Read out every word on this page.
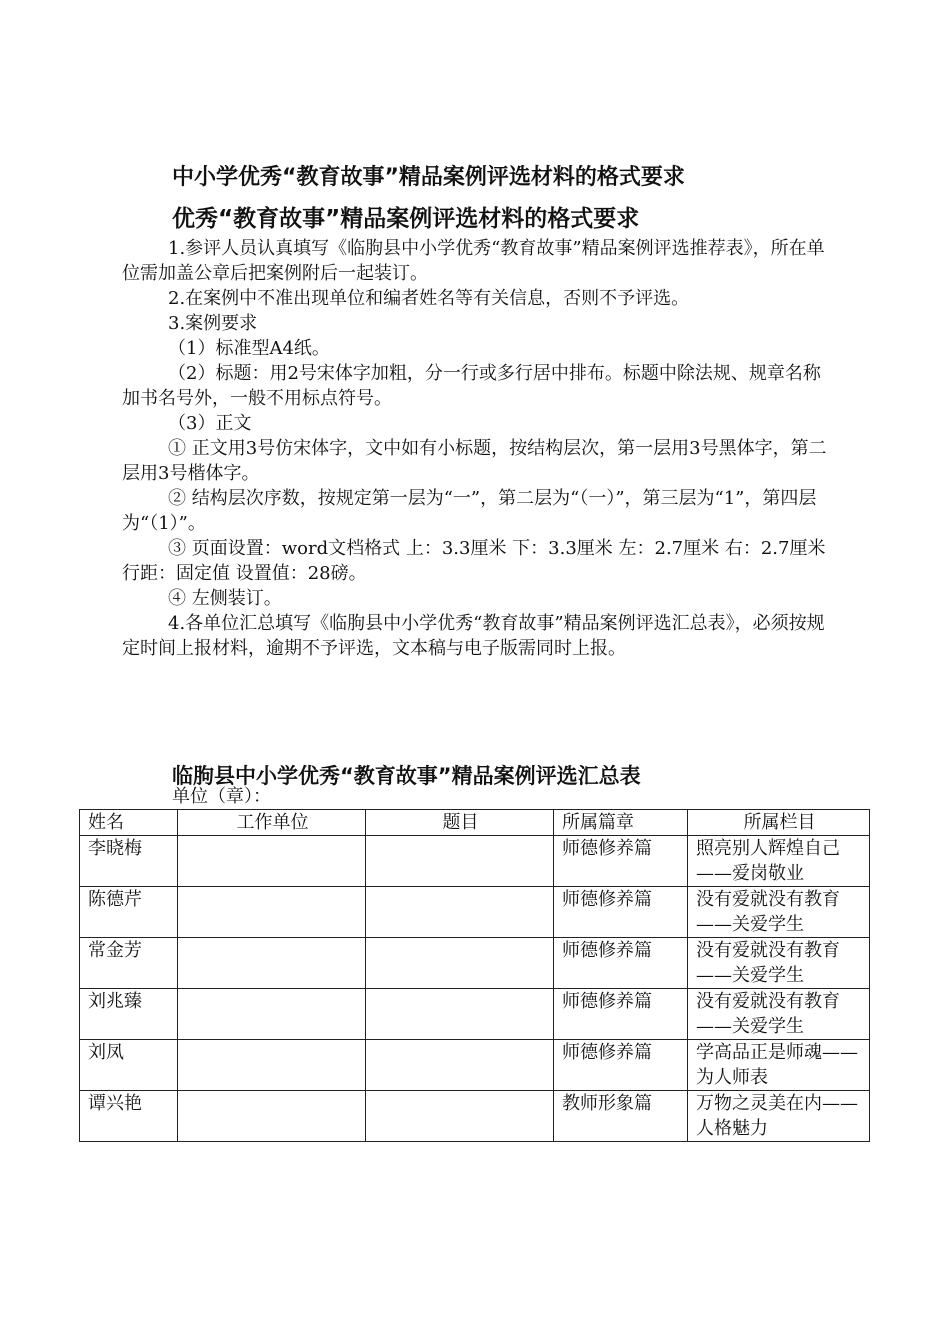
中小学优秀“教育故事”精品案例评选材料的格式要求
优秀“教育故事”精品案例评选材料的格式要求

1.参评人员认真填写《临朐县中小学优秀“教育故事”精品案例评选推荐表》，所在单位需加盖公章后把案例附后一起装订。

2.在案例中不准出现单位和编者姓名等有关信息，否则不予评选。

3.案例要求

（1）标准型A4纸。

（2）标题：用2号宋体字加粗，分一行或多行居中排布。标题中除法规、规章名称加书名号外，一般不用标点符号。

（3）正文

① 正文用3号仿宋体字，文中如有小标题，按结构层次，第一层用3号黑体字，第二层用3号楷体字。

② 结构层次序数，按规定第一层为“一”，第二层为“（一）”，第三层为“1”，第四层为“（1）”。

③ 页面设置：word文档格式 上：3.3厘米 下：3.3厘米 左：2.7厘米 右：2.7厘米行距：固定值 设置值：28磅。

④ 左侧装订。

4.各单位汇总填写《临朐县中小学优秀“教育故事”精品案例评选汇总表》，必须按规定时间上报材料，逾期不予评选，文本稿与电子版需同时上报。

临朐县中小学优秀“教育故事”精品案例评选汇总表
单位（章）：
姓名	工作单位	题目	所属篇章	所属栏目
李晓梅			师德修养篇	照亮别人辉煌自己——爱岗敬业
陈德芹			师德修养篇	没有爱就没有教育——关爱学生
常金芳			师德修养篇	没有爱就没有教育——关爱学生
刘兆臻			师德修养篇	没有爱就没有教育——关爱学生
刘凤			师德修养篇	学高品正是师魂——为人师表
谭兴艳			教师形象篇	万物之灵美在内——人格魅力
